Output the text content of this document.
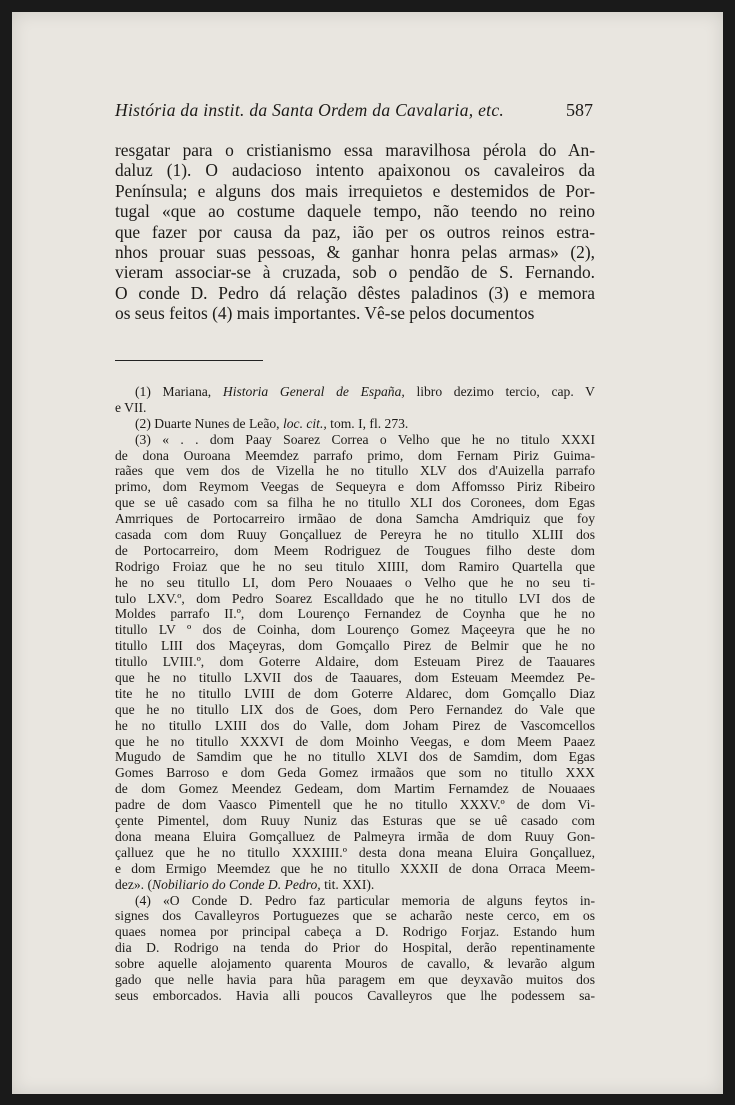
História da instit. da Santa Ordem da Cavalaria, etc.	587
resgatar para o cristianismo essa maravilhosa pérola do An-
daluz (1). O audacioso intento apaixonou os cavaleiros da
Península; e alguns dos mais irrequietos e destemidos de Por-
tugal «que ao costume daquele tempo, não teendo no reino
que fazer por causa da paz, ião per os outros reinos estra-
nhos prouar suas pessoas, & ganhar honra pelas armas» (2),
vieram associar-se à cruzada, sob o pendão de S. Fernando.
O conde D. Pedro dá relação dêstes paladinos (3) e memora
os seus feitos (4) mais importantes. Vê-se pelos documentos
(1) Mariana, Historia General de España, libro dezimo tercio, cap. V
e VII.
(2) Duarte Nunes de Leão, loc. cit., tom. I, fl. 273.
(3) « . . dom Paay Soarez Correa o Velho que he no titulo XXXI
de dona Ouroana Meemdez parrafo primo, dom Fernam Piriz Guima-
raães que vem dos de Vizella he no titullo XLV dos d'Auizella parrafo
primo, dom Reymom Veegas de Sequeyra e dom Affomsso Piriz Ribeiro
que se uê casado com sa filha he no titullo XLI dos Coronees, dom Egas
Amrriques de Portocarreiro irmãao de dona Samcha Amdriquiz que foy
casada com dom Ruuy Gonçalluez de Pereyra he no titullo XLIII dos
de Portocarreiro, dom Meem Rodriguez de Tougues filho deste dom
Rodrigo Froiaz que he no seu titulo XIIII, dom Ramiro Quartella que
he no seu titullo LI, dom Pero Nouaaes o Velho que he no seu ti-
tulo LXV.º, dom Pedro Soarez Escalldado que he no titullo LVI dos de
Moldes parrafo II.º, dom Lourenço Fernandez de Coynha que he no
titullo LV º dos de Coinha, dom Lourenço Gomez Maçeeyra que he no
titullo LIII dos Maçeyras, dom Gomçallo Pirez de Belmir que he no
titullo LVIII.º, dom Goterre Aldaire, dom Esteuam Pirez de Taauares
que he no titullo LXVII dos de Taauares, dom Esteuam Meemdez Pe-
tite he no titullo LVIII de dom Goterre Aldarec, dom Gomçallo Diaz
que he no titullo LIX dos de Goes, dom Pero Fernandez do Vale que
he no titullo LXIII dos do Valle, dom Joham Pirez de Vascomcellos
que he no titullo XXXVI de dom Moinho Veegas, e dom Meem Paaez
Mugudo de Samdim que he no titullo XLVI dos de Samdim, dom Egas
Gomes Barroso e dom Geda Gomez irmaãos que som no titullo XXX
de dom Gomez Meendez Gedeam, dom Martim Fernamdez de Nouaaes
padre de dom Vaasco Pimentell que he no titullo XXXV.º de dom Vi-
çente Pimentel, dom Ruuy Nuniz das Esturas que se uê casado com
dona meana Eluira Gomçalluez de Palmeyra irmãa de dom Ruuy Gon-
çalluez que he no titullo XXXIIII.º desta dona meana Eluira Gonçalluez,
e dom Ermigo Meemdez que he no titullo XXXII de dona Orraca Meem-
dez». (Nobiliario do Conde D. Pedro, tit. XXI).
(4) «O Conde D. Pedro faz particular memoria de alguns feytos in-
signes dos Cavalleyros Portuguezes que se acharão neste cerco, em os
quaes nomea por principal cabeça a D. Rodrigo Forjaz. Estando hum
dia D. Rodrigo na tenda do Prior do Hospital, derão repentinamente
sobre aquelle alojamento quarenta Mouros de cavallo, & levarão algum
gado que nelle havia para hũa paragem em que deyxavão muitos dos
seus emborcados. Havia alli poucos Cavalleyros que lhe podessem sa-
